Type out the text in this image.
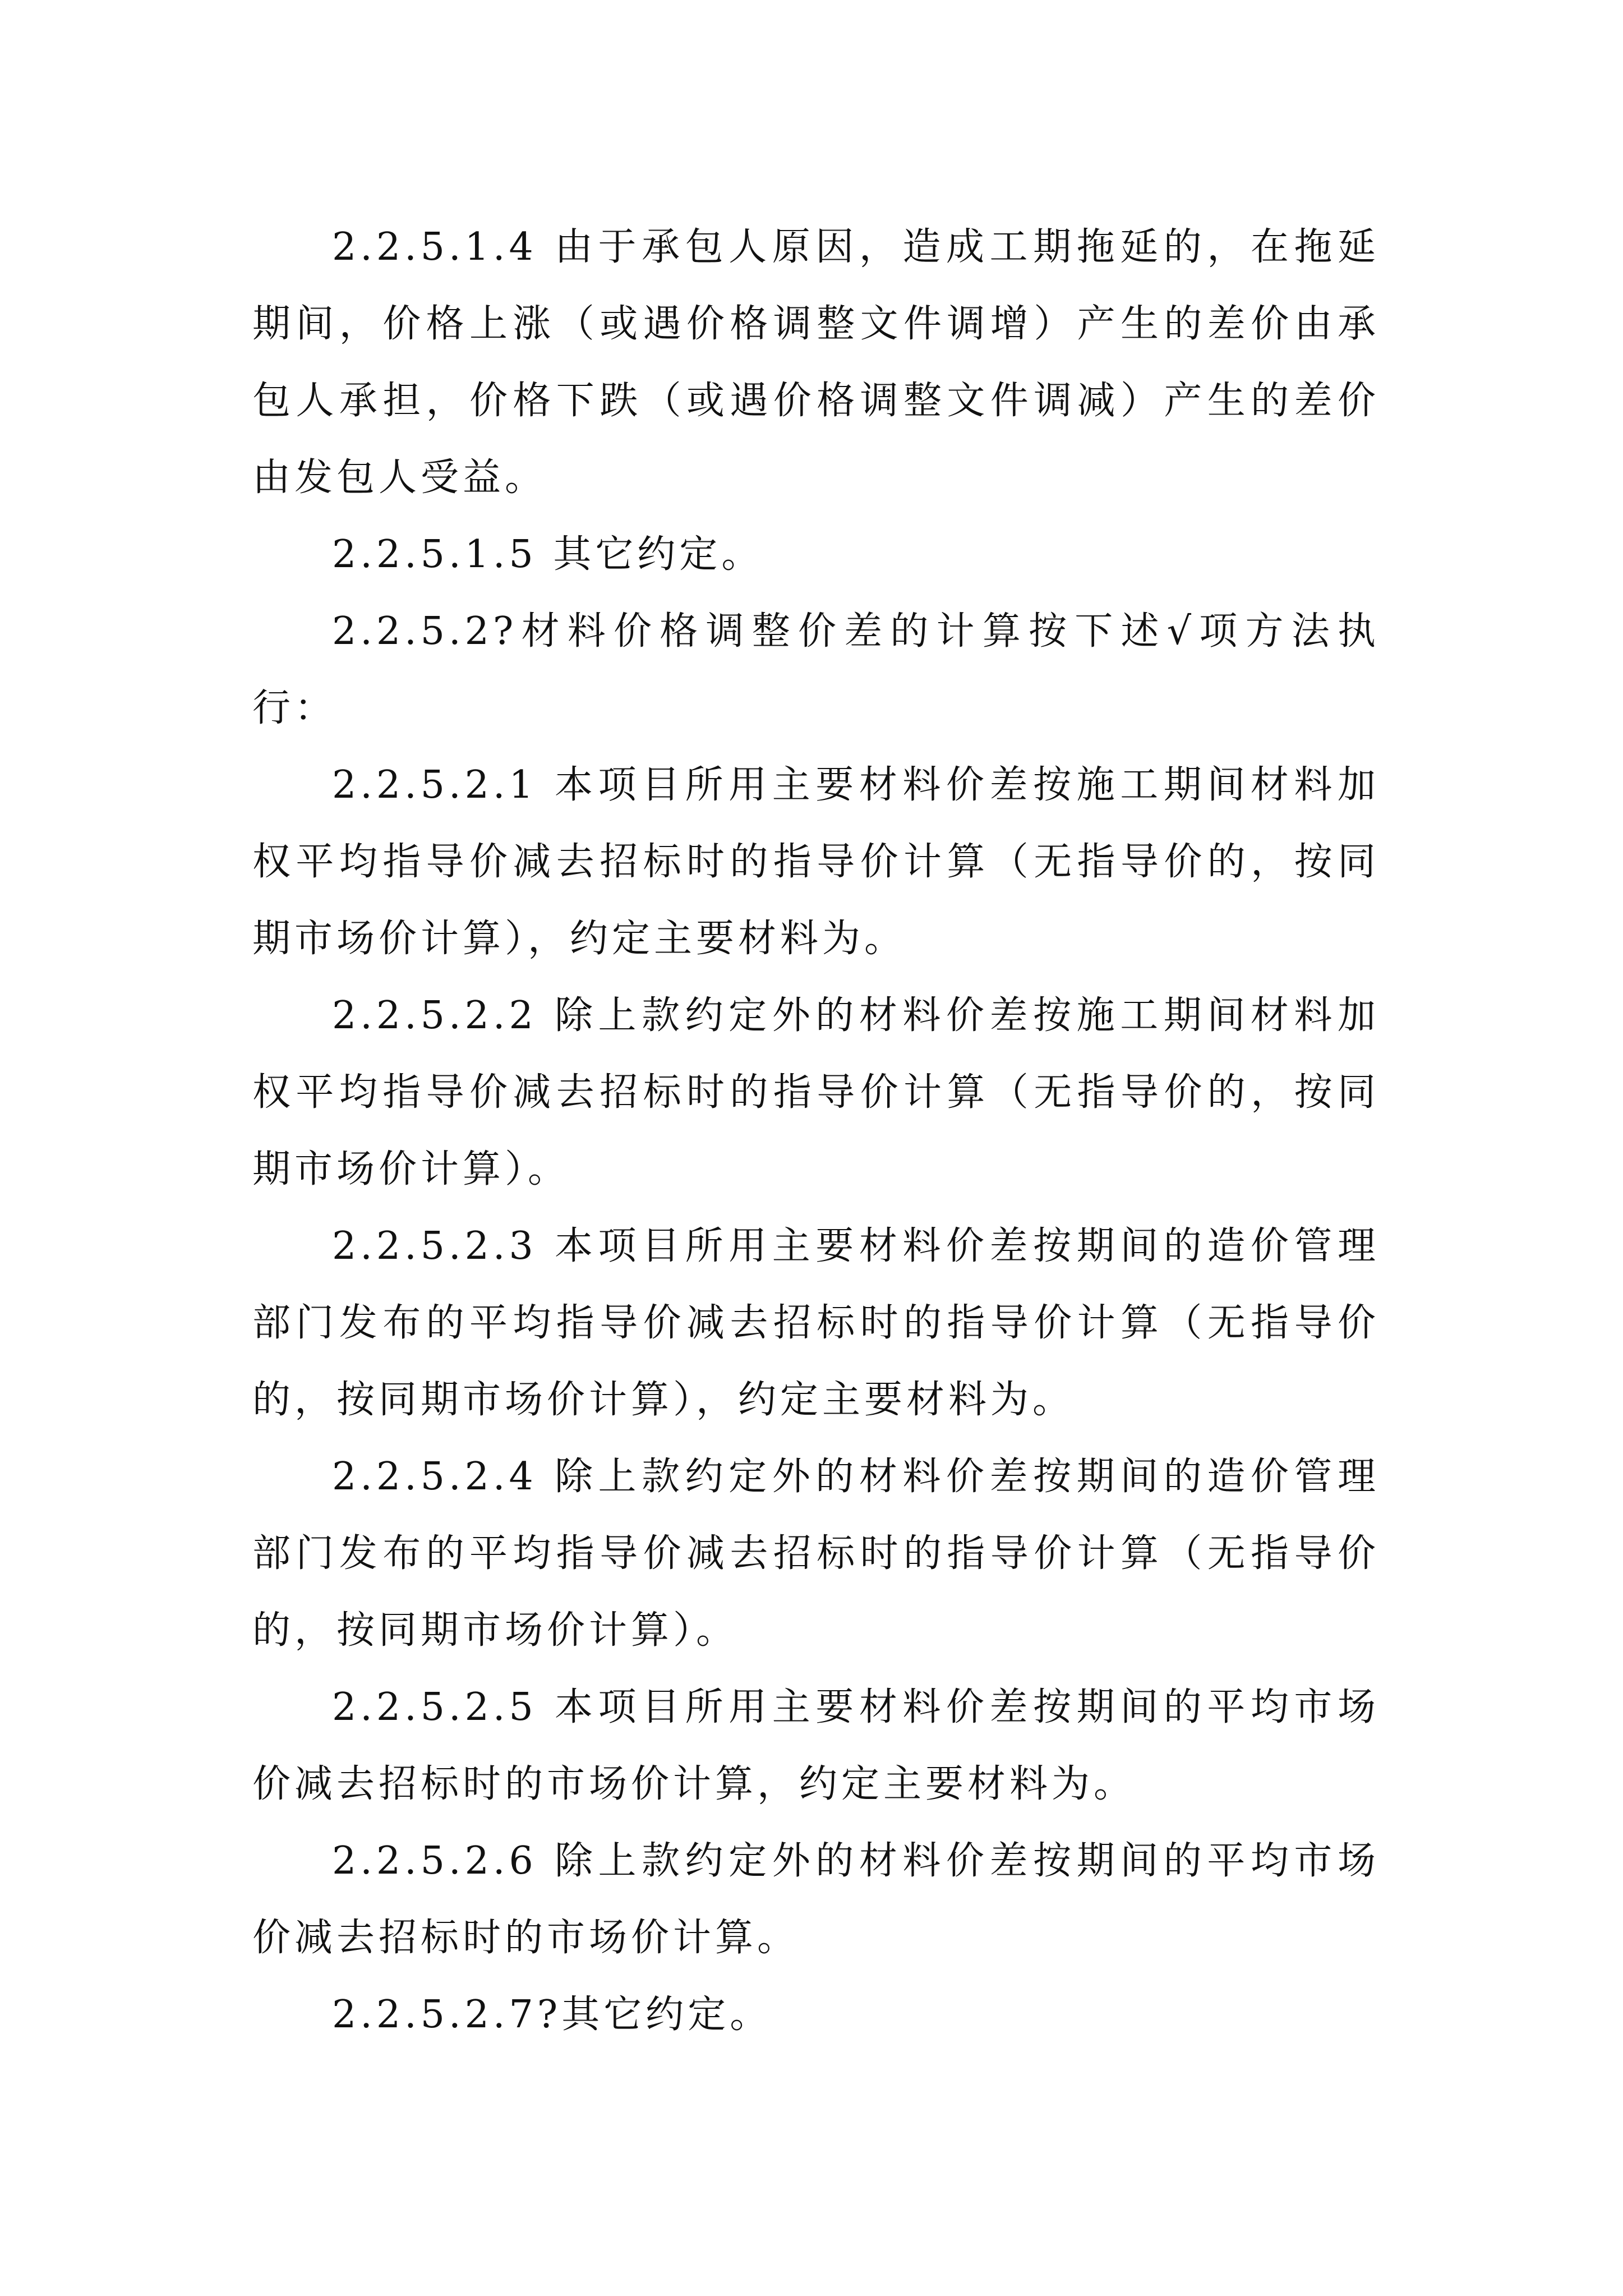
2.2.5.1.4 由于承包人原因，造成工期拖延的，在拖延期间，价格上涨（或遇价格调整文件调增）产生的差价由承包人承担，价格下跌（或遇价格调整文件调减）产生的差价由发包人受益。

2.2.5.1.5 其它约定。

2.2.5.2?材料价格调整价差的计算按下述√项方法执行：

2.2.5.2.1 本项目所用主要材料价差按施工期间材料加权平均指导价减去招标时的指导价计算（无指导价的，按同期市场价计算），约定主要材料为。

2.2.5.2.2 除上款约定外的材料价差按施工期间材料加权平均指导价减去招标时的指导价计算（无指导价的，按同期市场价计算）。

2.2.5.2.3 本项目所用主要材料价差按期间的造价管理部门发布的平均指导价减去招标时的指导价计算（无指导价的，按同期市场价计算），约定主要材料为。

2.2.5.2.4 除上款约定外的材料价差按期间的造价管理部门发布的平均指导价减去招标时的指导价计算（无指导价的，按同期市场价计算）。

2.2.5.2.5 本项目所用主要材料价差按期间的平均市场价减去招标时的市场价计算，约定主要材料为。

2.2.5.2.6 除上款约定外的材料价差按期间的平均市场价减去招标时的市场价计算。

2.2.5.2.7?其它约定。
